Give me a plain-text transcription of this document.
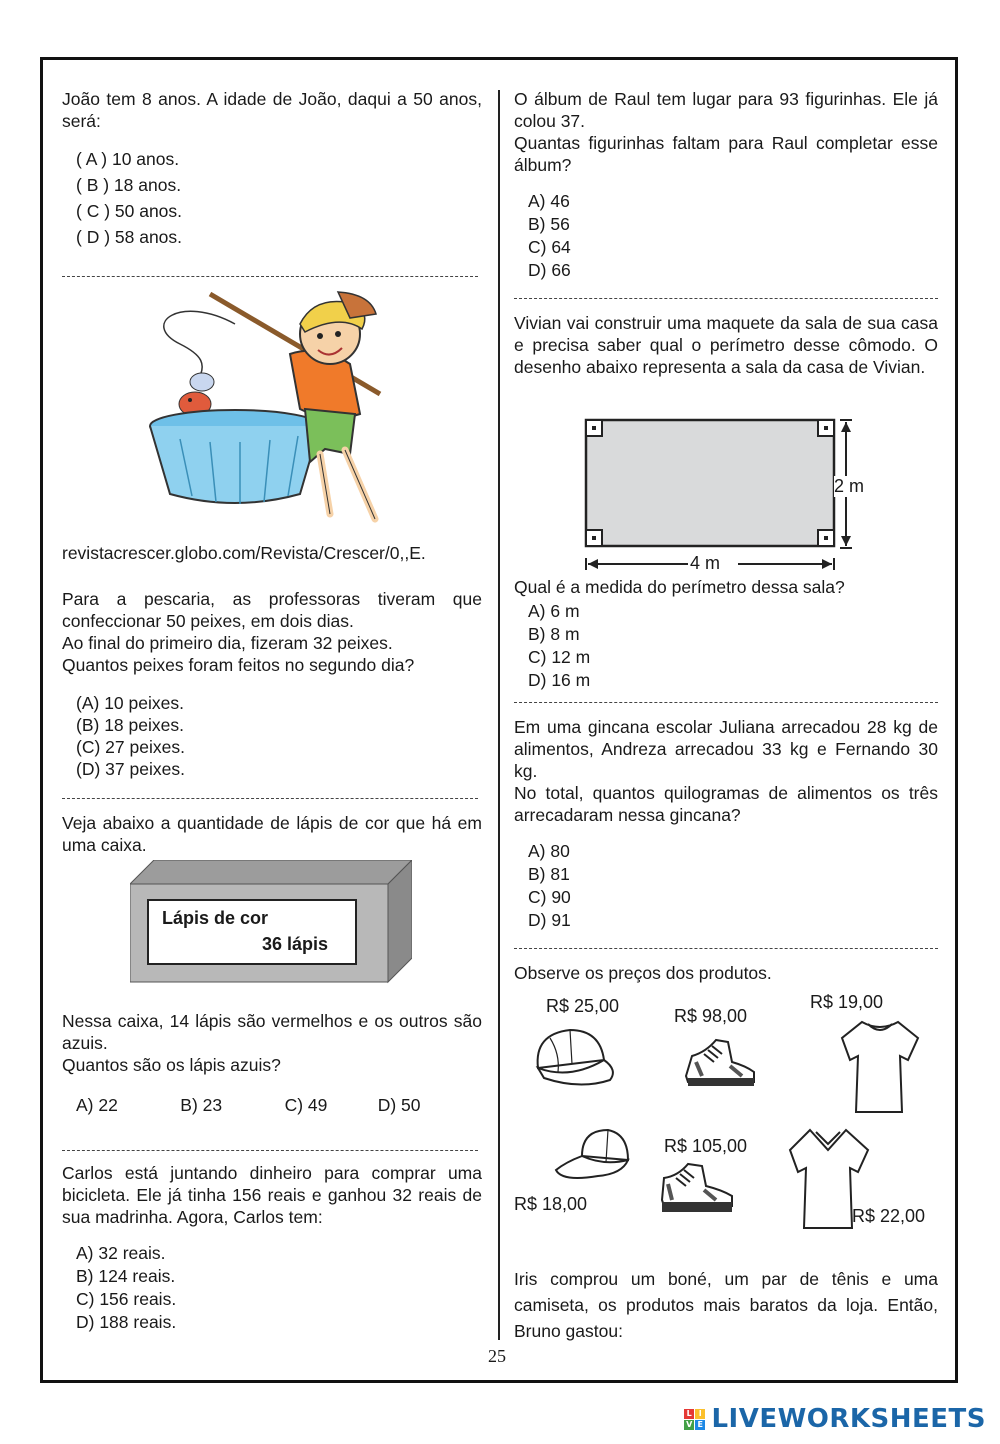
João tem 8 anos. A idade de João, daqui a 50 anos, será:

( A ) 10 anos.
( B ) 18 anos.
( C ) 50 anos.
( D ) 58 anos.

revistacrescer.globo.com/Revista/Crescer/0,,E.

Para a pescaria, as professoras tiveram que confeccionar 50 peixes, em dois dias.

Ao final do primeiro dia, fizeram 32 peixes.

Quantos peixes foram feitos no segundo dia?

(A) 10 peixes.
(B) 18 peixes.
(C) 27 peixes.
(D) 37 peixes.

Veja abaixo a quantidade de lápis de cor que há em uma caixa.

Lápis de cor
36 lápis

Nessa caixa, 14 lápis são vermelhos e os outros são azuis.

Quantos são os lápis azuis?

A) 22	B) 23	C) 49	D) 50

Carlos está juntando dinheiro para comprar uma bicicleta. Ele já tinha 156 reais e ganhou 32 reais de sua madrinha. Agora, Carlos tem:

A) 32 reais.
B) 124 reais.
C) 156 reais.
D) 188 reais.

O álbum de Raul tem lugar para 93 figurinhas. Ele já colou 37.

Quantas figurinhas faltam para Raul completar esse álbum?

A) 46
B) 56
C) 64
D) 66

Vivian vai construir uma maquete da sala de sua casa e precisa saber qual o perímetro desse cômodo. O desenho abaixo representa a sala da casa de Vivian.

2 m
4 m

Qual é a medida do perímetro dessa sala?

A) 6 m
B) 8 m
C) 12 m
D) 16 m

Em uma gincana escolar Juliana arrecadou 28 kg de alimentos, Andreza arrecadou 33 kg e Fernando 30 kg.

No total, quantos quilogramas de alimentos os três arrecadaram nessa gincana?

A) 80
B) 81
C) 90
D) 91

Observe os preços dos produtos.

R$ 25,00	R$ 98,00
R$ 19,00
R$ 105,00
R$ 18,00
R$ 22,00

Iris comprou um boné, um par de tênis e uma camiseta, os produtos mais baratos da loja. Então, Bruno gastou:

25
L I
V E LIVEWORKSHEETS
